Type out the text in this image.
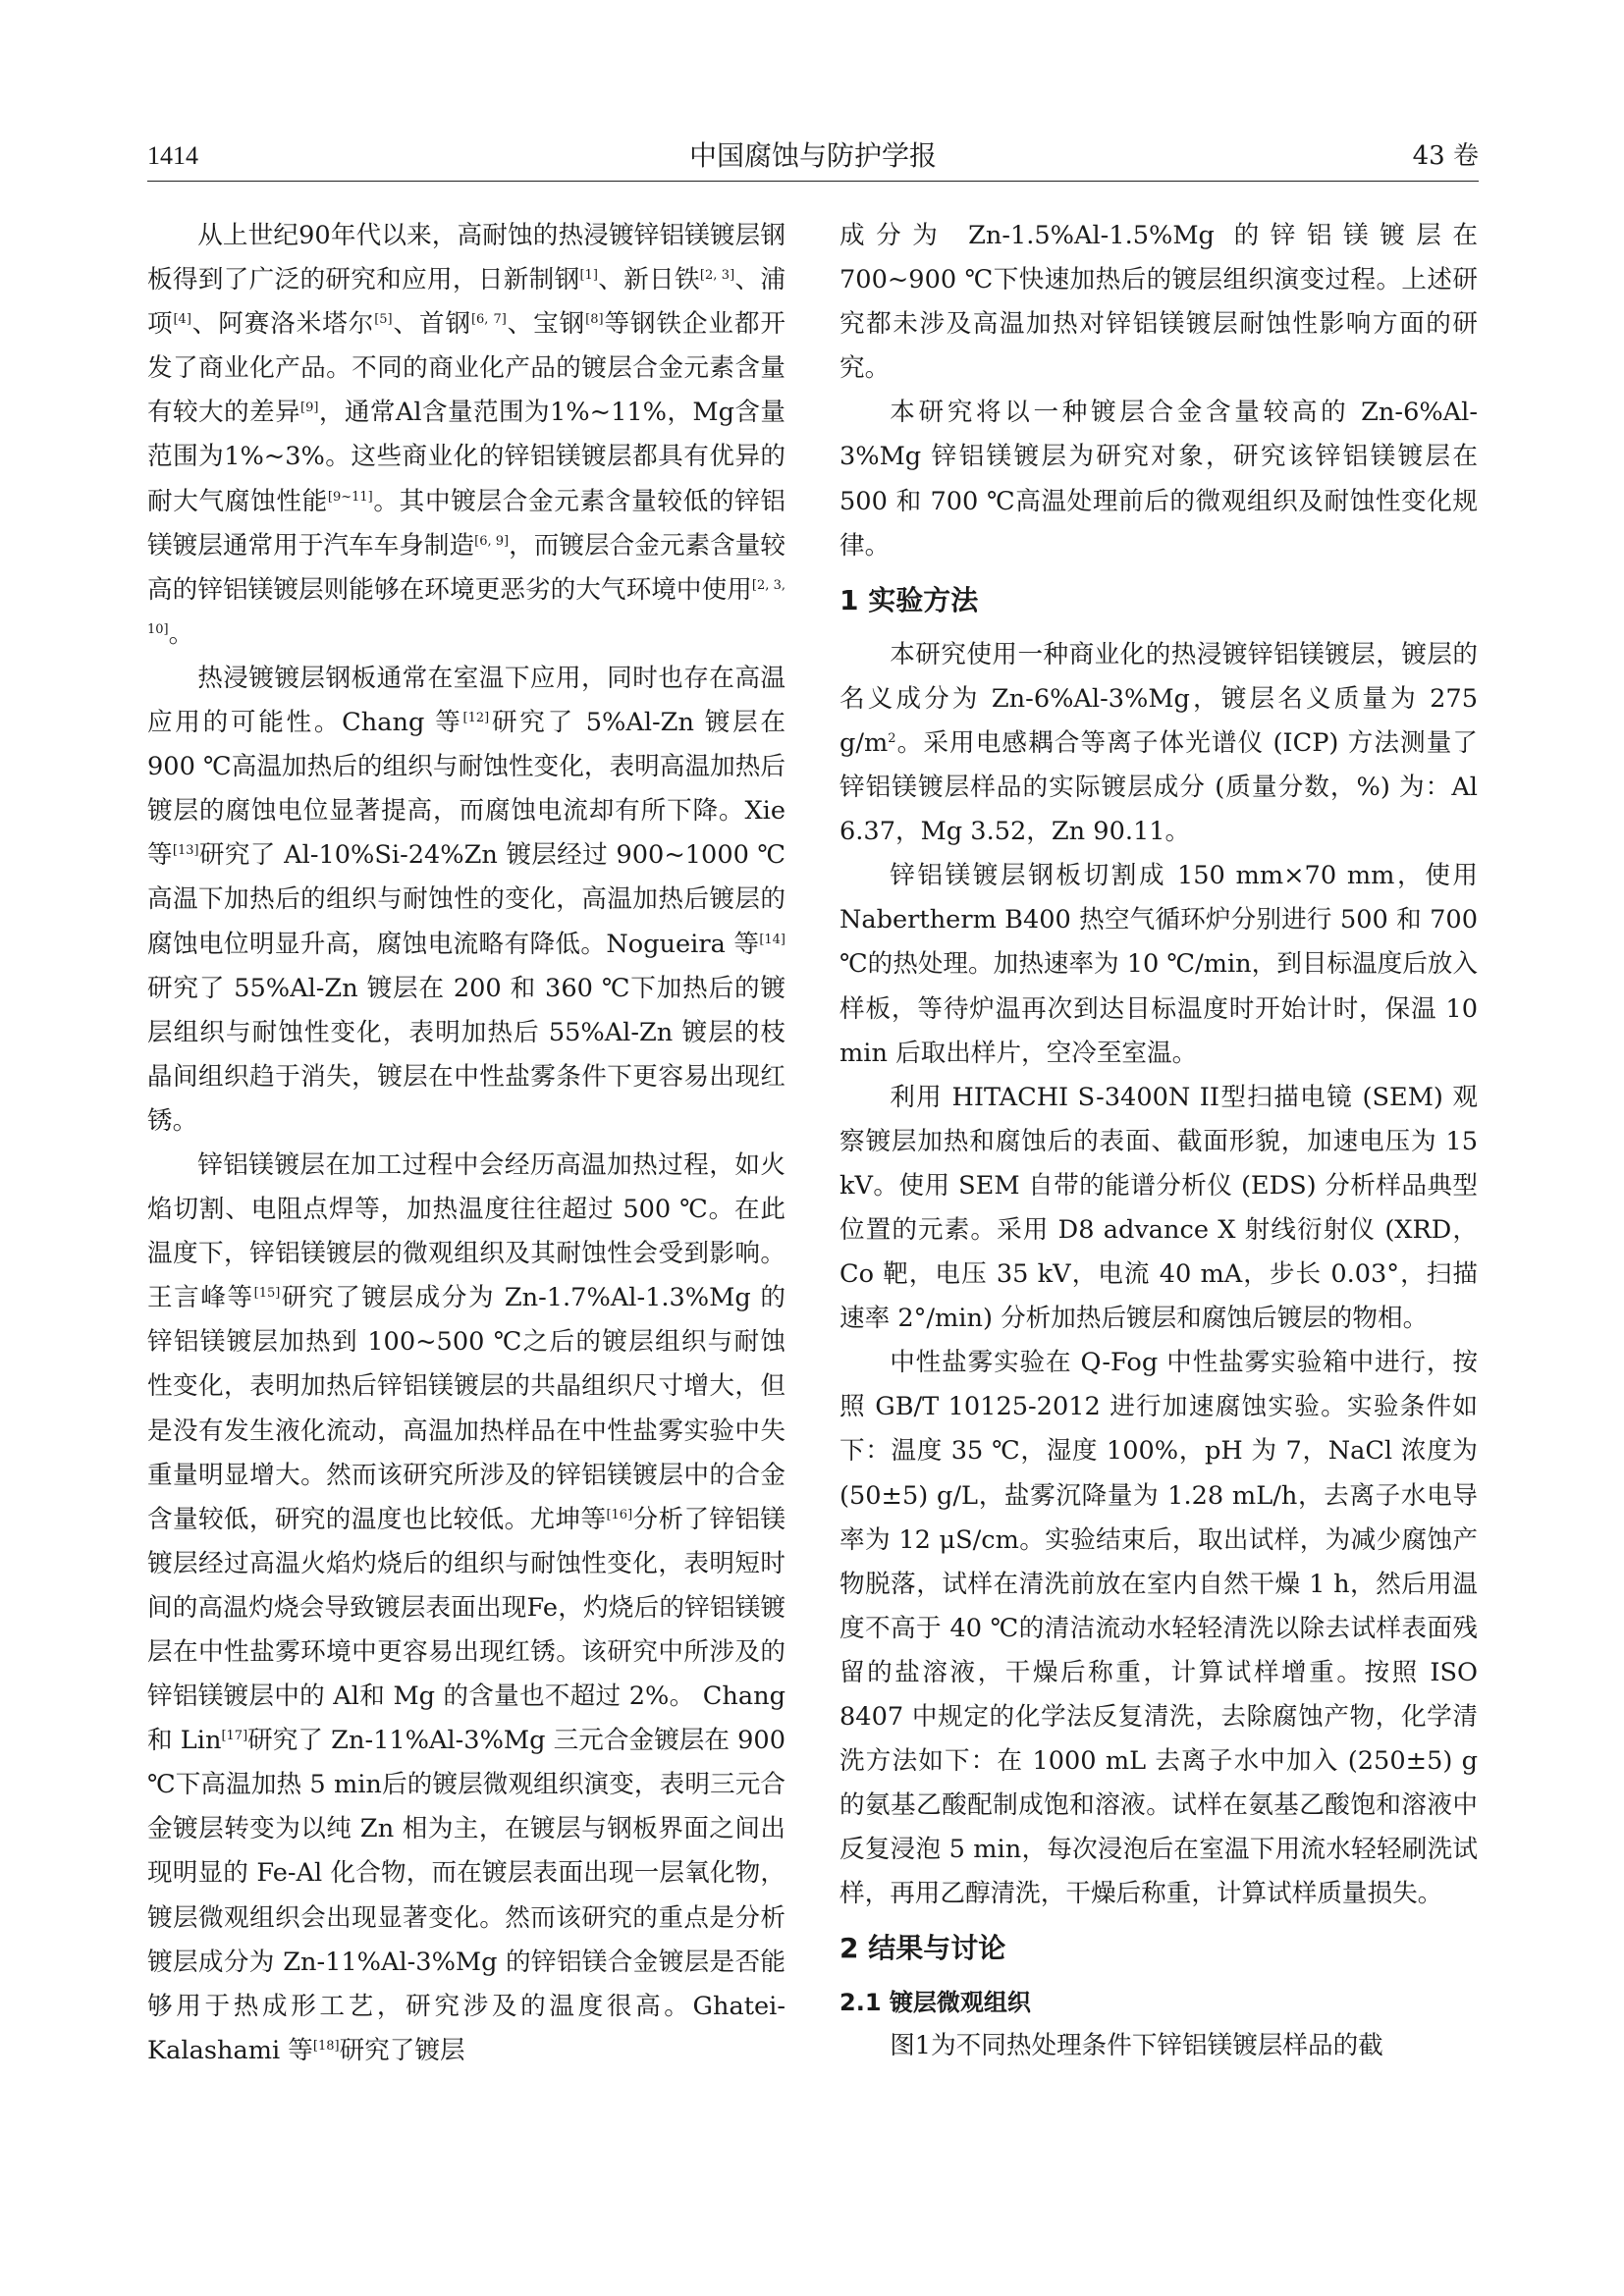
1414	中国腐蚀与防护学报	43 卷

从上世纪90年代以来，高耐蚀的热浸镀锌铝镁镀层钢板得到了广泛的研究和应用，日新制钢[1]、新日铁[2, 3]、浦项[4]、阿赛洛米塔尔[5]、首钢[6, 7]、宝钢[8]等钢铁企业都开发了商业化产品。不同的商业化产品的镀层合金元素含量有较大的差异[9]，通常Al含量范围为1%~11%，Mg含量范围为1%~3%。这些商业化的锌铝镁镀层都具有优异的耐大气腐蚀性能[9~11]。其中镀层合金元素含量较低的锌铝镁镀层通常用于汽车车身制造[6, 9]，而镀层合金元素含量较高的锌铝镁镀层则能够在环境更恶劣的大气环境中使用[2, 3, 10]。

热浸镀镀层钢板通常在室温下应用，同时也存在高温应用的可能性。Chang 等[12]研究了 5%Al-Zn 镀层在 900 ℃高温加热后的组织与耐蚀性变化，表明高温加热后镀层的腐蚀电位显著提高，而腐蚀电流却有所下降。Xie 等[13]研究了 Al-10%Si-24%Zn 镀层经过 900~1000 ℃高温下加热后的组织与耐蚀性的变化，高温加热后镀层的腐蚀电位明显升高，腐蚀电流略有降低。Nogueira 等[14]研究了 55%Al-Zn 镀层在 200 和 360 ℃下加热后的镀层组织与耐蚀性变化，表明加热后 55%Al-Zn 镀层的枝晶间组织趋于消失，镀层在中性盐雾条件下更容易出现红锈。

锌铝镁镀层在加工过程中会经历高温加热过程，如火焰切割、电阻点焊等，加热温度往往超过 500 ℃。在此温度下，锌铝镁镀层的微观组织及其耐蚀性会受到影响。王言峰等[15]研究了镀层成分为 Zn-1.7%Al-1.3%Mg 的锌铝镁镀层加热到 100~500 ℃之后的镀层组织与耐蚀性变化，表明加热后锌铝镁镀层的共晶组织尺寸增大，但是没有发生液化流动，高温加热样品在中性盐雾实验中失重量明显增大。然而该研究所涉及的锌铝镁镀层中的合金含量较低，研究的温度也比较低。尤坤等[16]分析了锌铝镁镀层经过高温火焰灼烧后的组织与耐蚀性变化，表明短时间的高温灼烧会导致镀层表面出现Fe，灼烧后的锌铝镁镀层在中性盐雾环境中更容易出现红锈。该研究中所涉及的锌铝镁镀层中的 Al和 Mg 的含量也不超过 2%。 Chang 和 Lin[17]研究了 Zn-11%Al-3%Mg 三元合金镀层在 900 ℃下高温加热 5 min后的镀层微观组织演变，表明三元合金镀层转变为以纯 Zn 相为主，在镀层与钢板界面之间出现明显的 Fe-Al 化合物，而在镀层表面出现一层氧化物，镀层微观组织会出现显著变化。然而该研究的重点是分析镀层成分为 Zn-11%Al-3%Mg 的锌铝镁合金镀层是否能够用于热成形工艺，研究涉及的温度很高。Ghatei-Kalashami 等[18]研究了镀层

成分为 Zn-1.5%Al-1.5%Mg 的锌铝镁镀层在 700~900 ℃下快速加热后的镀层组织演变过程。上述研究都未涉及高温加热对锌铝镁镀层耐蚀性影响方面的研究。

本研究将以一种镀层合金含量较高的 Zn-6%Al-3%Mg 锌铝镁镀层为研究对象，研究该锌铝镁镀层在 500 和 700 ℃高温处理前后的微观组织及耐蚀性变化规律。

1 实验方法

本研究使用一种商业化的热浸镀锌铝镁镀层，镀层的名义成分为 Zn-6%Al-3%Mg，镀层名义质量为 275 $g/m^2$。采用电感耦合等离子体光谱仪 (ICP) 方法测量了锌铝镁镀层样品的实际镀层成分 (质量分数，%) 为：Al 6.37，Mg 3.52，Zn 90.11。

锌铝镁镀层钢板切割成 150 mm×70 mm，使用 Nabertherm B400 热空气循环炉分别进行 500 和 700 ℃的热处理。加热速率为 10 ℃/min，到目标温度后放入样板，等待炉温再次到达目标温度时开始计时，保温 10 min 后取出样片，空冷至室温。

利用 HITACHI S-3400N II型扫描电镜 (SEM) 观察镀层加热和腐蚀后的表面、截面形貌，加速电压为 15 kV。使用 SEM 自带的能谱分析仪 (EDS) 分析样品典型位置的元素。采用 D8 advance X 射线衍射仪 (XRD，Co 靶，电压 35 kV，电流 40 mA，步长 0.03°，扫描速率 2°/min) 分析加热后镀层和腐蚀后镀层的物相。

中性盐雾实验在 Q-Fog 中性盐雾实验箱中进行，按照 GB/T 10125-2012 进行加速腐蚀实验。实验条件如下：温度 35 ℃，湿度 100%，pH 为 7，NaCl 浓度为 (50±5) g/L，盐雾沉降量为 1.28 mL/h，去离子水电导率为 12 μS/cm。实验结束后，取出试样，为减少腐蚀产物脱落，试样在清洗前放在室内自然干燥 1 h，然后用温度不高于 40 ℃的清洁流动水轻轻清洗以除去试样表面残留的盐溶液，干燥后称重，计算试样增重。按照 ISO 8407 中规定的化学法反复清洗，去除腐蚀产物，化学清洗方法如下：在 1000 mL 去离子水中加入 (250±5) g 的氨基乙酸配制成饱和溶液。试样在氨基乙酸饱和溶液中反复浸泡 5 min，每次浸泡后在室温下用流水轻轻刷洗试样，再用乙醇清洗，干燥后称重，计算试样质量损失。

2 结果与讨论
2.1 镀层微观组织

图1为不同热处理条件下锌铝镁镀层样品的截
